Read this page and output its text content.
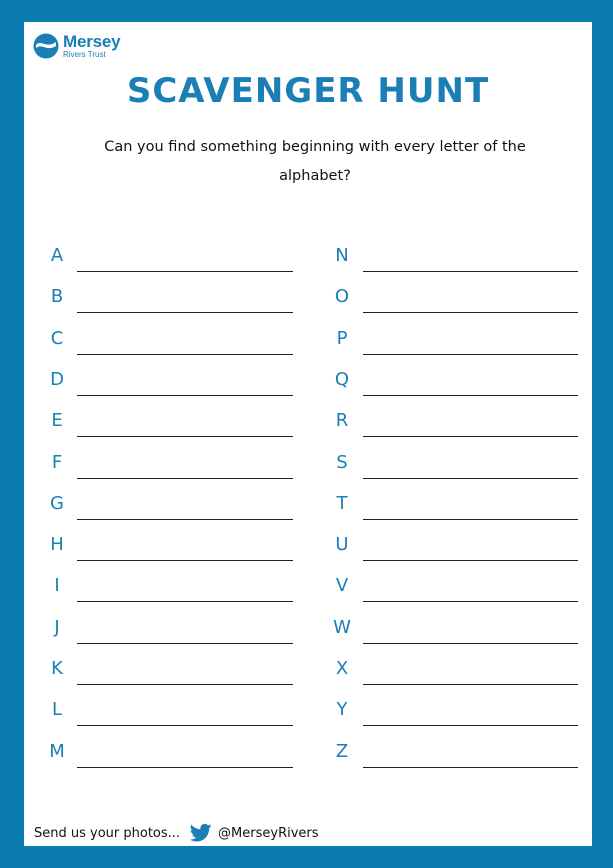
Mersey
Rivers Trust
SCAVENGER HUNT
Can you find something beginning with every letter of the alphabet?
A
B
C
D
E
F
G
H
I
J
K
L
M
N
O
P
Q
R
S
T
U
V
W
X
Y
Z
Send us your photos...	@MerseyRivers
